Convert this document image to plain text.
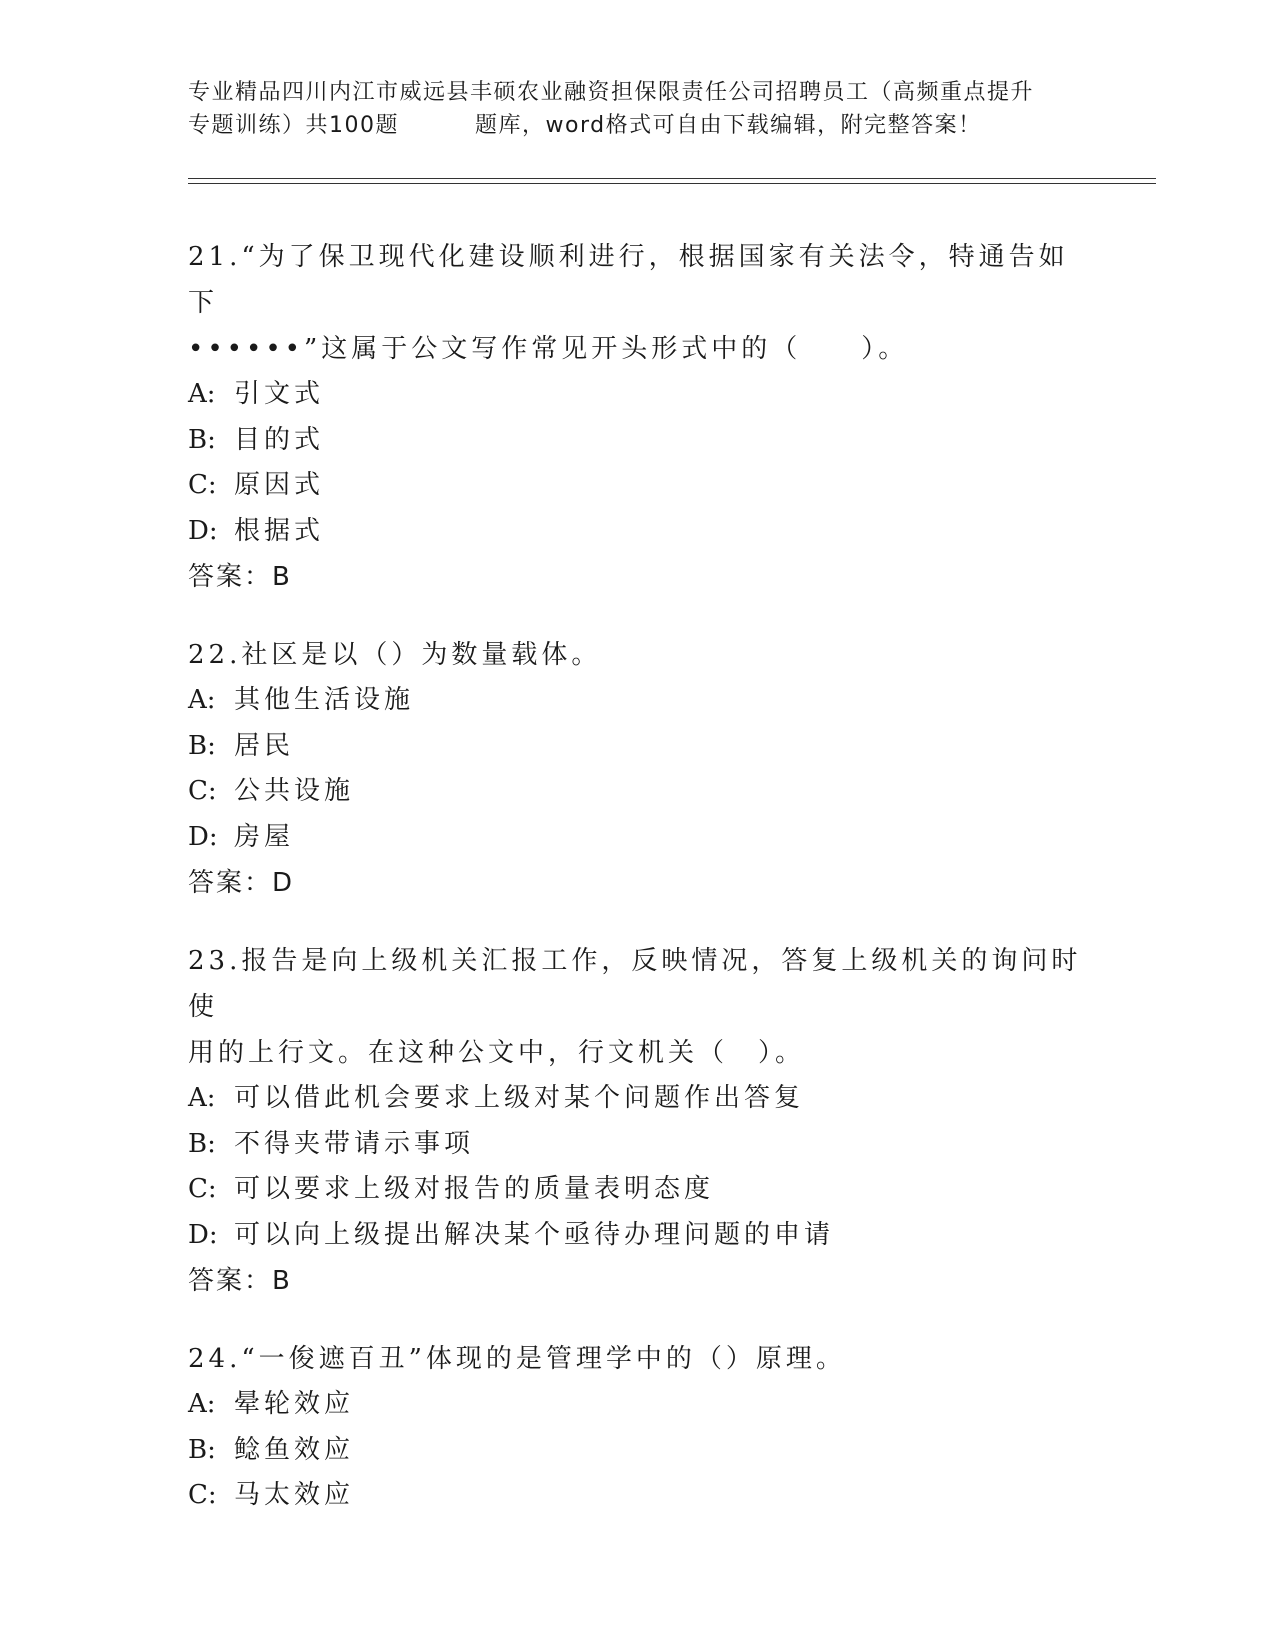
专业精品四川内江市威远县丰硕农业融资担保限责任公司招聘员工（高频重点提升
专题训练）共100题	题库，word格式可自由下载编辑，附完整答案！
21.“为了保卫现代化建设顺利进行，根据国家有关法令，特通告如下
••••••”这属于公文写作常见开头形式中的（　　）。
A: 引文式
B: 目的式
C: 原因式
D: 根据式
答案：B
22.社区是以（）为数量载体。
A: 其他生活设施
B: 居民
C: 公共设施
D: 房屋
答案：D
23.报告是向上级机关汇报工作，反映情况，答复上级机关的询问时使
用的上行文。在这种公文中，行文机关（　）。
A: 可以借此机会要求上级对某个问题作出答复
B: 不得夹带请示事项
C: 可以要求上级对报告的质量表明态度
D: 可以向上级提出解决某个亟待办理问题的申请
答案：B
24.“一俊遮百丑”体现的是管理学中的（）原理。
A: 晕轮效应
B: 鲶鱼效应
C: 马太效应
